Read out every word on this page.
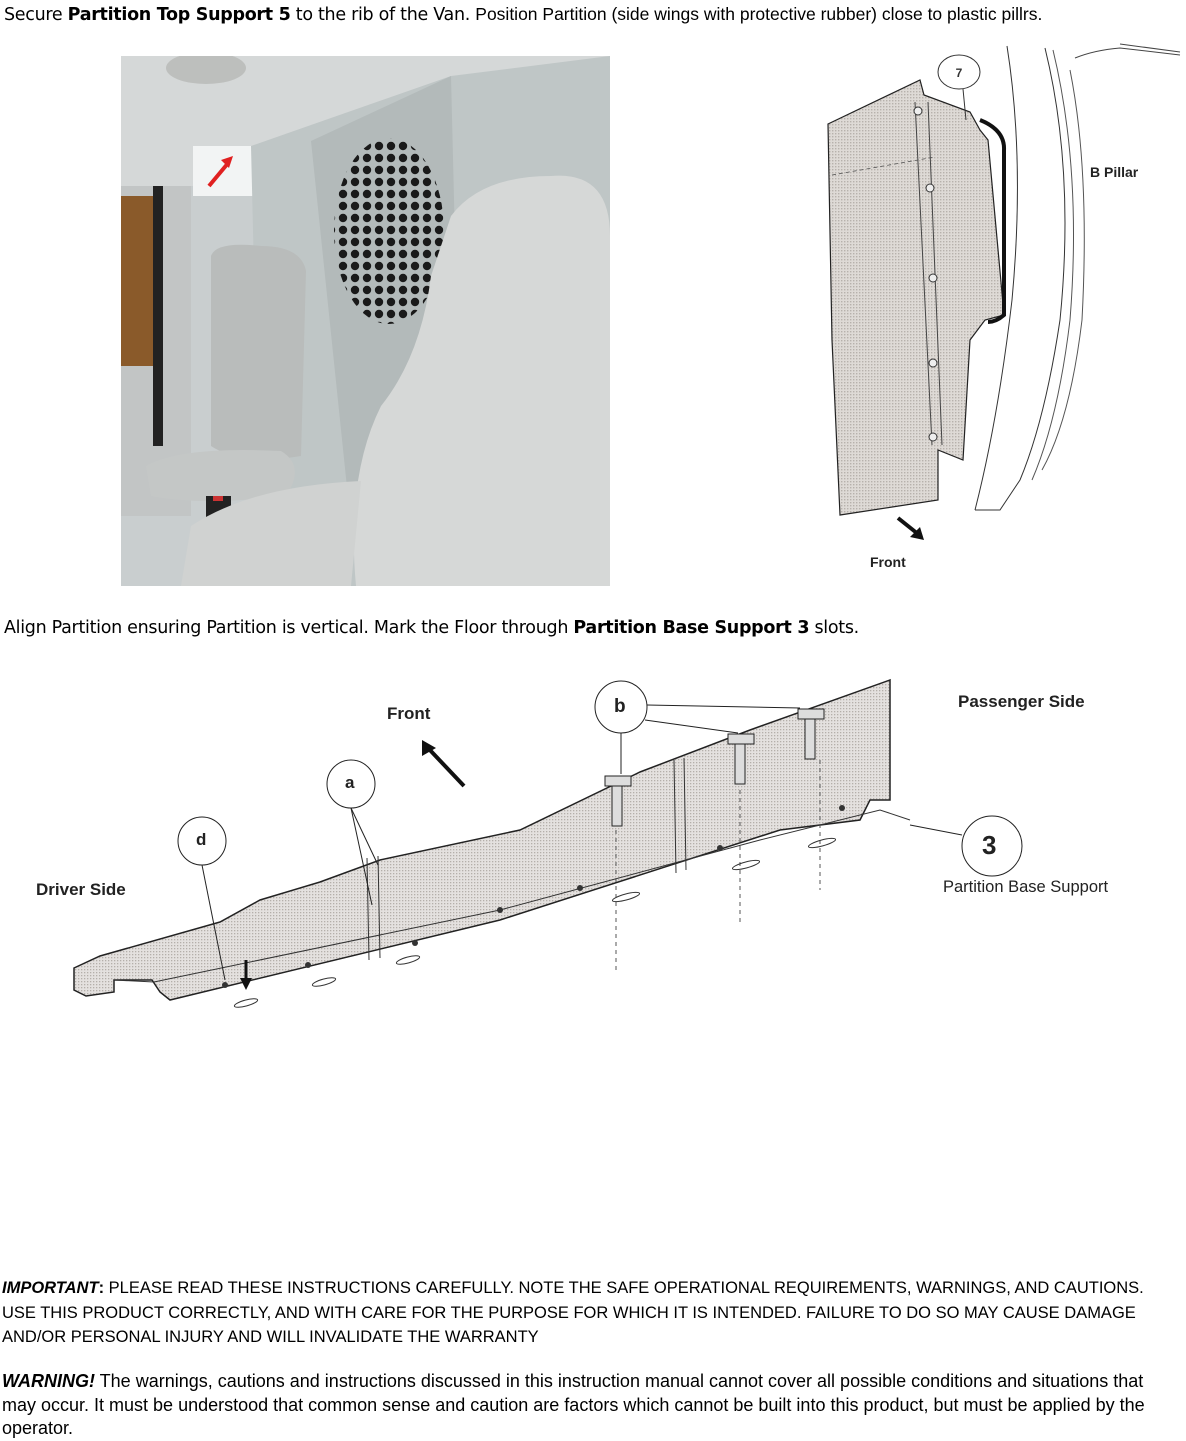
Secure Partition Top Support 5 to the rib of the Van. Position Partition (side wings with protective rubber) close to plastic pillrs.
7
B Pillar
Front
Align Partition ensuring Partition is vertical. Mark the Floor through Partition Base Support 3 slots.
d
a
b
3
Front
Driver Side
Passenger Side
Partition Base Support
IMPORTANT: PLEASE READ THESE INSTRUCTIONS CAREFULLY. NOTE THE SAFE OPERATIONAL REQUIREMENTS, WARNINGS, AND CAUTIONS. USE THIS PRODUCT CORRECTLY, AND WITH CARE FOR THE PURPOSE FOR WHICH IT IS INTENDED. FAILURE TO DO SO MAY CAUSE DAMAGE AND/OR PERSONAL INJURY AND WILL INVALIDATE THE WARRANTY
WARNING! The warnings, cautions and instructions discussed in this instruction manual cannot cover all possible conditions and situations that may occur. It must be understood that common sense and caution are factors which cannot be built into this product, but must be applied by the operator.
